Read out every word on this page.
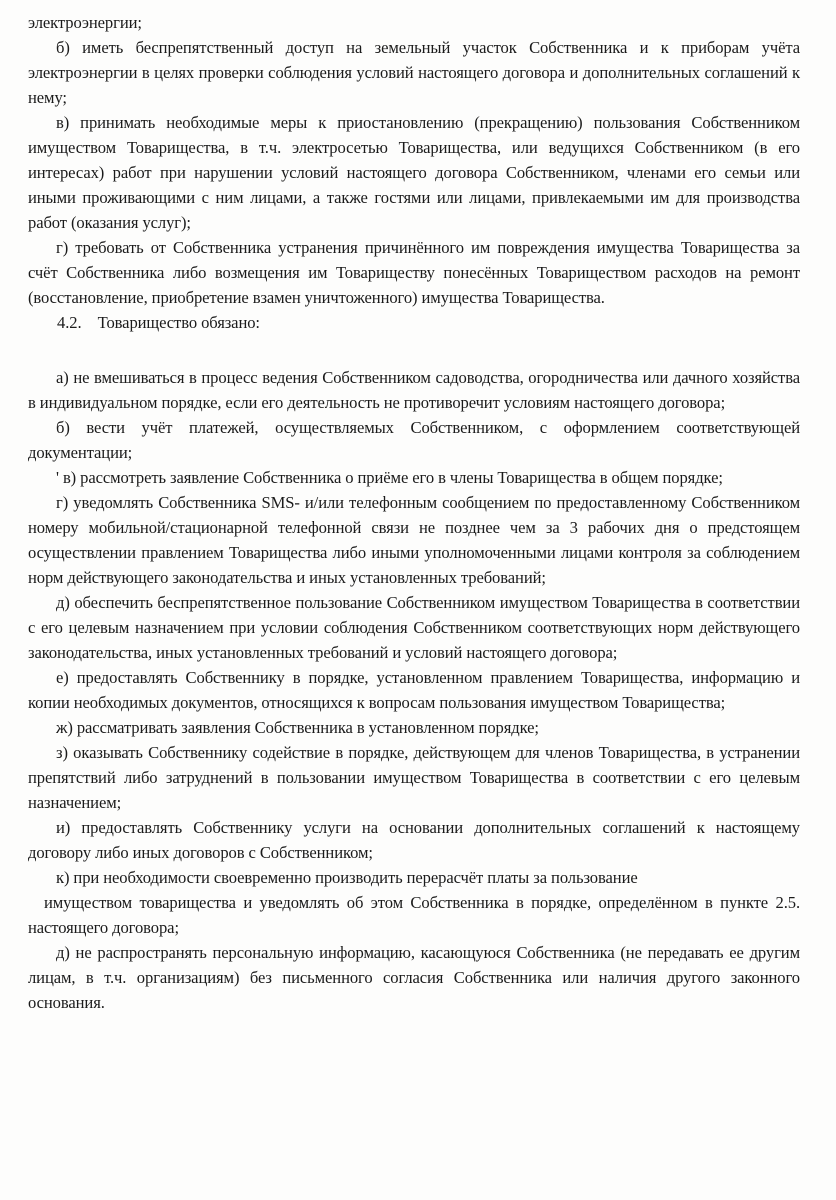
электроэнергии;

б) иметь беспрепятственный доступ на земельный участок Собственника и к приборам учёта электроэнергии в целях проверки соблюдения условий настоящего договора и дополнительных соглашений к нему;

в) принимать необходимые меры к приостановлению (прекращению) пользования Собственником имуществом Товарищества, в т.ч. электросетью Товарищества, или ведущихся Собственником (в его интересах) работ при нарушении условий настоящего договора Собственником, членами его семьи или иными проживающими с ним лицами, а также гостями или лицами, привлекаемыми им для производства работ (оказания услуг);

г) требовать от Собственника устранения причинённого им повреждения имущества Товарищества за счёт Собственника либо возмещения им Товариществу понесённых Товариществом расходов на ремонт (восстановление, приобретение взамен уничтоженного) имущества Товарищества.

4.2.    Товарищество обязано:

а) не вмешиваться в процесс ведения Собственником садоводства, огородничества или дачного хозяйства в индивидуальном порядке, если его деятельность не противоречит условиям настоящего договора;

б) вести учёт платежей, осуществляемых Собственником, с оформлением соответствующей документации;

' в) рассмотреть заявление Собственника о приёме его в члены Товарищества в общем порядке;

г) уведомлять Собственника SMS- и/или телефонным сообщением по предоставленному Собственником номеру мобильной/стационарной телефонной связи не позднее чем за 3 рабочих дня о предстоящем осуществлении правлением Товарищества либо иными уполномоченными лицами контроля за соблюдением норм действующего законодательства и иных установленных требований;

д) обеспечить беспрепятственное пользование Собственником имуществом Товарищества в соответствии с его целевым назначением при условии соблюдения Собственником соответствующих норм действующего законодательства, иных установленных требований и условий настоящего договора;

е) предоставлять Собственнику в порядке, установленном правлением Товарищества, информацию и копии необходимых документов, относящихся к вопросам пользования имуществом Товарищества;

ж) рассматривать заявления Собственника в установленном порядке;

з) оказывать Собственнику содействие в порядке, действующем для членов Товарищества, в устранении препятствий либо затруднений в пользовании имуществом Товарищества в соответствии с его целевым назначением;

и) предоставлять Собственнику услуги на основании дополнительных соглашений к настоящему договору либо иных договоров с Собственником;

к) при необходимости своевременно производить перерасчёт платы за пользование

имуществом товарищества и уведомлять об этом Собственника в порядке, определённом в пункте 2.5. настоящего договора;

д) не распространять персональную информацию, касающуюся Собственника (не передавать ее другим лицам, в т.ч. организациям) без письменного согласия Собственника или наличия другого законного основания.
